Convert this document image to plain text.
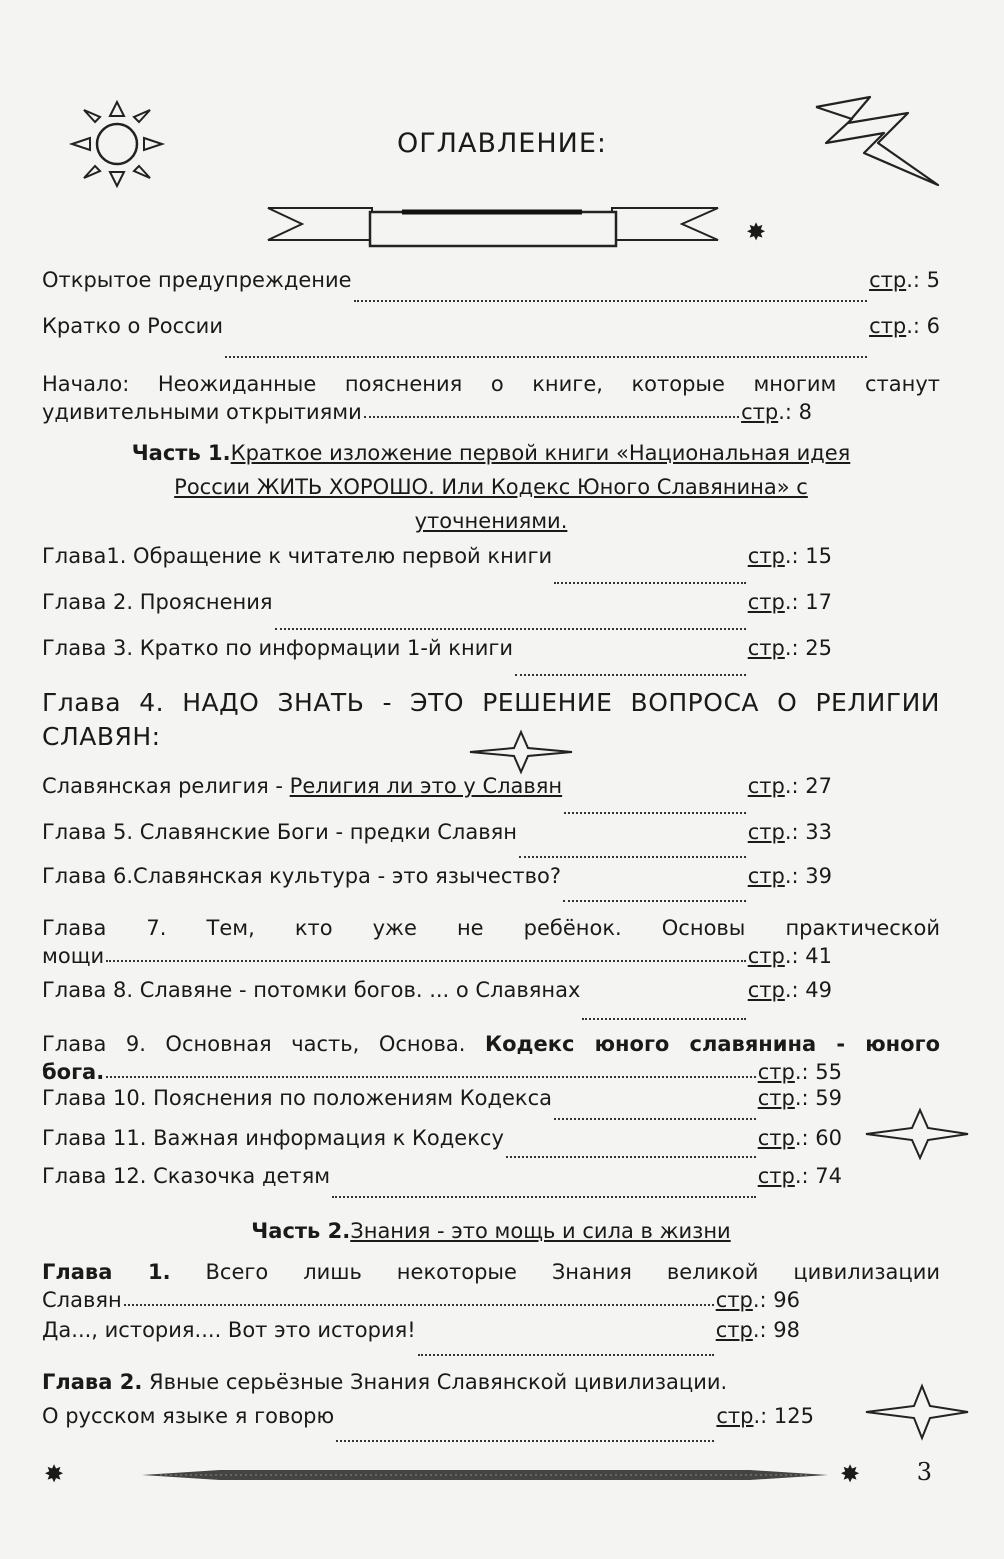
ОГЛАВЛЕНИЕ:
✸
Открытое предупреждение	стр.: 5
Кратко о России	стр.: 6
Начало: Неожиданные пояснения о книге, которые многим станут
удивительными открытиями	стр.: 8
Часть 1.Краткое изложение первой книги «Национальная идея
России ЖИТЬ ХОРОШО. Или Кодекс Юного Славянина» с
уточнениями.
Глава1. Обращение к читателю первой книги	стр.: 15
Глава 2. Прояснения	стр.: 17
Глава 3. Кратко по информации 1-й книги	стр.: 25
Глава 4. НАДО ЗНАТЬ - ЭТО РЕШЕНИЕ ВОПРОСА О РЕЛИГИИ
СЛАВЯН:
Славянская религия - Религия ли это у Славян	стр.: 27
Глава 5. Славянские Боги - предки Славян	стр.: 33
Глава 6.Славянская культура - это язычество?	стр.: 39
Глава 7. Тем, кто уже не ребёнок. Основы практической
мощи	стр.: 41
Глава 8. Славяне - потомки богов. ... о Славянах	стр.: 49
Глава 9. Основная часть, Основа. Кодекс юного славянина - юного
бога.	стр.: 55
Глава 10. Пояснения по положениям Кодекса	стр.: 59
Глава 11. Важная информация к Кодексу	стр.: 60
Глава 12. Сказочка детям	стр.: 74
Часть 2.Знания - это мощь и сила в жизни
Глава 1. Всего лишь некоторые Знания великой цивилизации
Славян	стр.: 96
Да..., история.... Вот это история!	стр.: 98
Глава 2. Явные серьёзные Знания Славянской цивилизации.
О русском языке я говорю	стр.: 125
✸	✸ 3
